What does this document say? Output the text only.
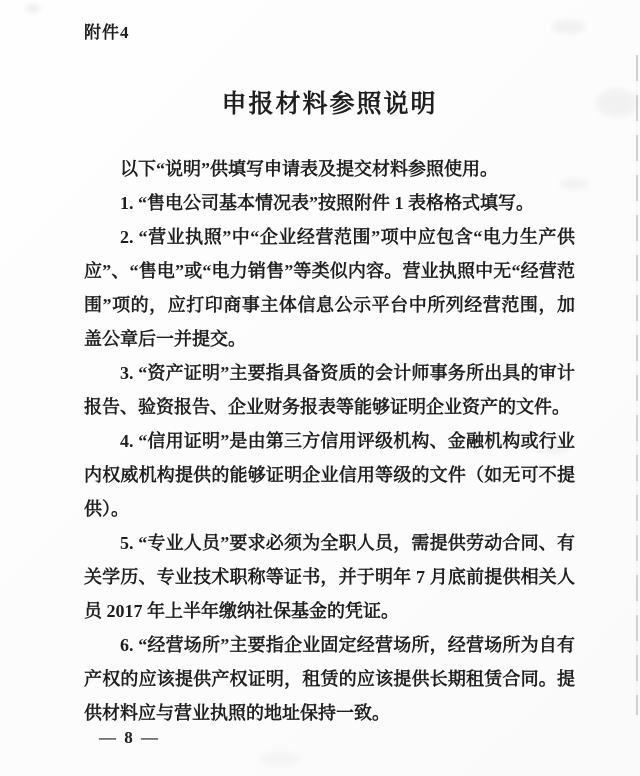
附件4
申报材料参照说明

以下“说明”供填写申请表及提交材料参照使用。

1. “售电公司基本情况表”按照附件 1 表格格式填写。

2. “营业执照”中“企业经营范围”项中应包含“电力生产供应”、“售电”或“电力销售”等类似内容。营业执照中无“经营范围”项的，应打印商事主体信息公示平台中所列经营范围，加盖公章后一并提交。

3. “资产证明”主要指具备资质的会计师事务所出具的审计报告、验资报告、企业财务报表等能够证明企业资产的文件。

4. “信用证明”是由第三方信用评级机构、金融机构或行业内权威机构提供的能够证明企业信用等级的文件（如无可不提供）。

5. “专业人员”要求必须为全职人员，需提供劳动合同、有关学历、专业技术职称等证书，并于明年 7 月底前提供相关人员 2017 年上半年缴纳社保基金的凭证。

6. “经营场所”主要指企业固定经营场所，经营场所为自有产权的应该提供产权证明，租赁的应该提供长期租赁合同。提供材料应与营业执照的地址保持一致。

— 8 —
